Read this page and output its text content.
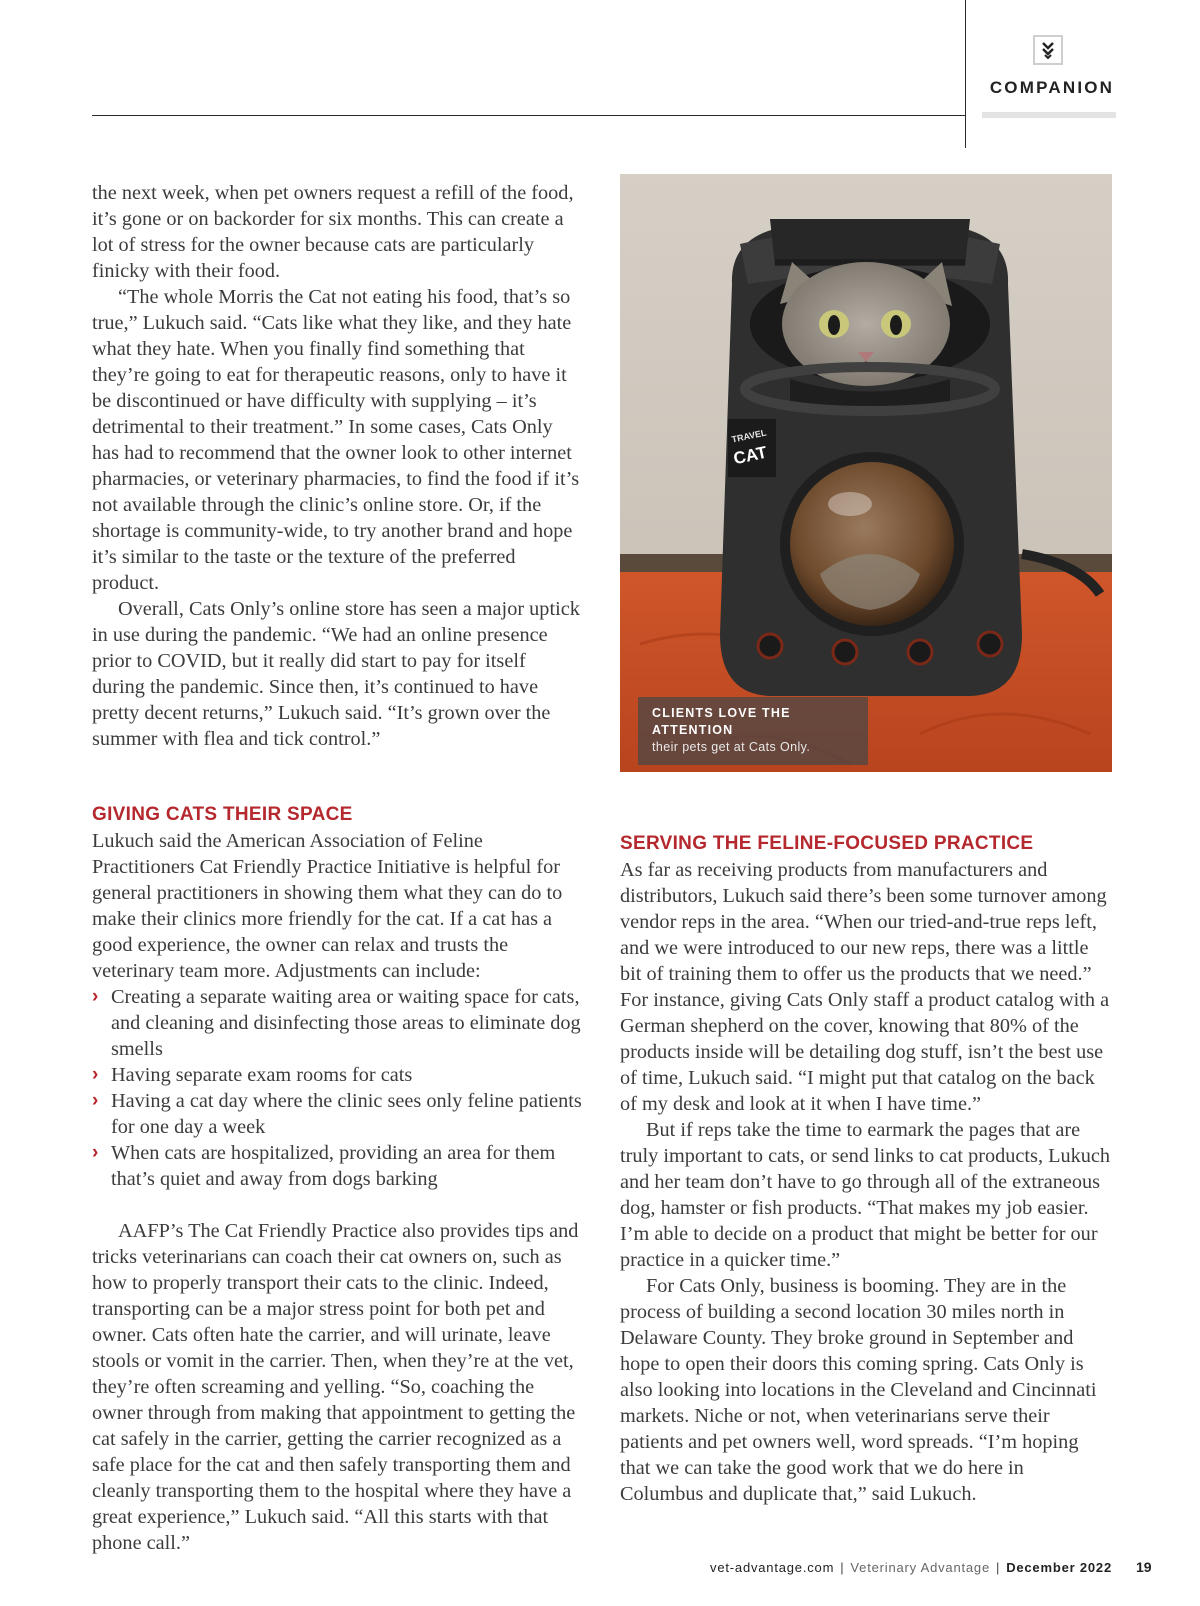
COMPANION

the next week, when pet owners request a refill of the food, it’s gone or on backorder for six months. This can create a lot of stress for the owner because cats are particularly finicky with their food.

“The whole Morris the Cat not eating his food, that’s so true,” Lukuch said. “Cats like what they like, and they hate what they hate. When you finally find something that they’re going to eat for therapeutic reasons, only to have it be discontinued or have difficulty with supplying – it’s detrimental to their treatment.” In some cases, Cats Only has had to recommend that the owner look to other internet pharmacies, or veterinary pharmacies, to find the food if it’s not available through the clinic’s online store. Or, if the shortage is community-wide, to try another brand and hope it’s similar to the taste or the texture of the preferred product.

Overall, Cats Only’s online store has seen a major uptick in use during the pandemic. “We had an online presence prior to COVID, but it really did start to pay for itself during the pandemic. Since then, it’s continued to have pretty decent returns,” Lukuch said. “It’s grown over the summer with flea and tick control.”

GIVING CATS THEIR SPACE

Lukuch said the American Association of Feline Practitioners Cat Friendly Practice Initiative is helpful for general practitioners in showing them what they can do to make their clinics more friendly for the cat. If a cat has a good experience, the owner can relax and trusts the veterinary team more. Adjustments can include:

› Creating a separate waiting area or waiting space for cats, and cleaning and disinfecting those areas to eliminate dog smells
› Having separate exam rooms for cats
› Having a cat day where the clinic sees only feline patients for one day a week
› When cats are hospitalized, providing an area for them that’s quiet and away from dogs barking

AAFP’s The Cat Friendly Practice also provides tips and tricks veterinarians can coach their cat owners on, such as how to properly transport their cats to the clinic. Indeed, transporting can be a major stress point for both pet and owner. Cats often hate the carrier, and will urinate, leave stools or vomit in the carrier. Then, when they’re at the vet, they’re often screaming and yelling. “So, coaching the owner through from making that appointment to getting the cat safely in the carrier, getting the carrier recognized as a safe place for the cat and then safely transporting them and cleanly transporting them to the hospital where they have a great experience,” Lukuch said. “All this starts with that phone call.”

TRAVEL
CAT
CLIENTS LOVE THE ATTENTION
their pets get at Cats Only.
SERVING THE FELINE-FOCUSED PRACTICE

As far as receiving products from manufacturers and distributors, Lukuch said there’s been some turnover among vendor reps in the area. “When our tried-and-true reps left, and we were introduced to our new reps, there was a little bit of training them to offer us the products that we need.” For instance, giving Cats Only staff a product catalog with a German shepherd on the cover, knowing that 80% of the products inside will be detailing dog stuff, isn’t the best use of time, Lukuch said. “I might put that catalog on the back of my desk and look at it when I have time.”

But if reps take the time to earmark the pages that are truly important to cats, or send links to cat products, Lukuch and her team don’t have to go through all of the extraneous dog, hamster or fish products. “That makes my job easier. I’m able to decide on a product that might be better for our practice in a quicker time.”

For Cats Only, business is booming. They are in the process of building a second location 30 miles north in Delaware County. They broke ground in September and hope to open their doors this coming spring. Cats Only is also looking into locations in the Cleveland and Cincinnati markets. Niche or not, when veterinarians serve their patients and pet owners well, word spreads. “I’m hoping that we can take the good work that we do here in Columbus and duplicate that,” said Lukuch.

vet-advantage.com | Veterinary Advantage | December 2022 19
